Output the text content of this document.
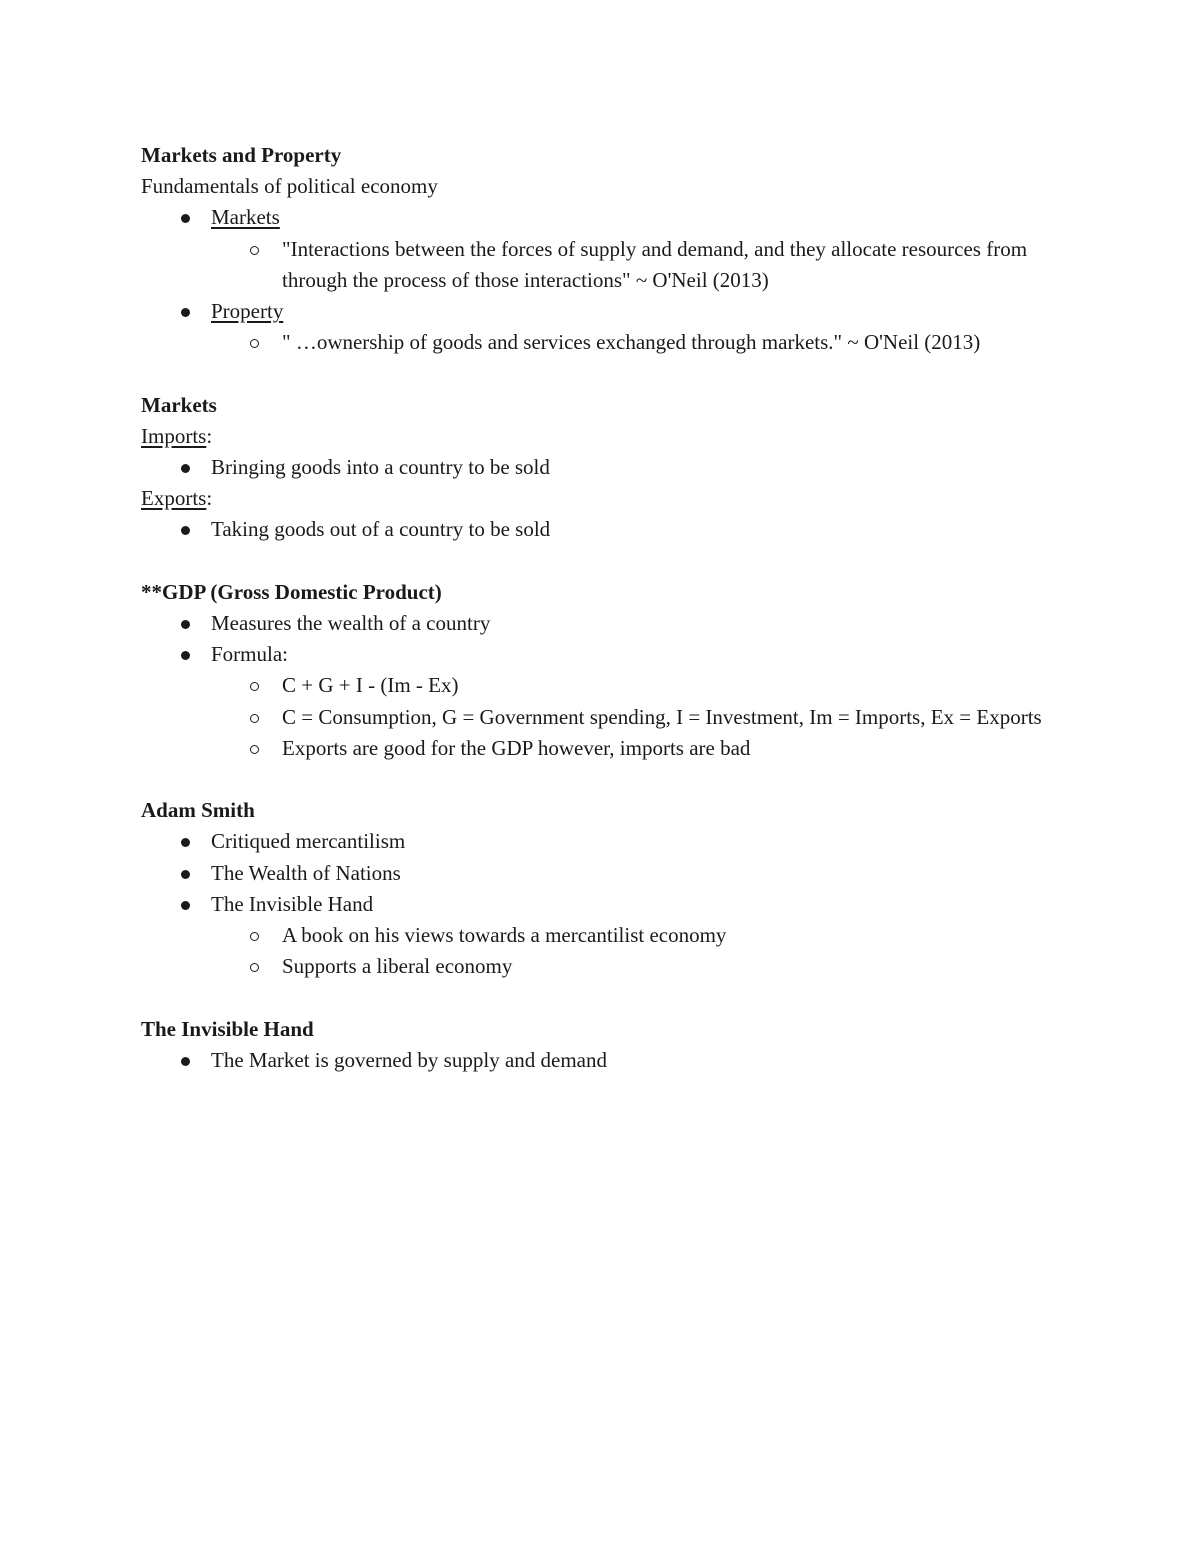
Markets and Property
Fundamentals of political economy
Markets
"Interactions between the forces of supply and demand, and they allocate resources from through the process of those interactions" ~ O'Neil (2013)
Property
" …ownership of goods and services exchanged through markets." ~ O'Neil (2013)
Markets
Imports:
Bringing goods into a country to be sold
Exports:
Taking goods out of a country to be sold
**GDP (Gross Domestic Product)
Measures the wealth of a country
Formula:
C + G + I - (Im - Ex)
C = Consumption, G = Government spending, I = Investment, Im = Imports, Ex = Exports
Exports are good for the GDP however, imports are bad
Adam Smith
Critiqued mercantilism
The Wealth of Nations
The Invisible Hand
A book on his views towards a mercantilist economy
Supports a liberal economy
The Invisible Hand
The Market is governed by supply and demand
